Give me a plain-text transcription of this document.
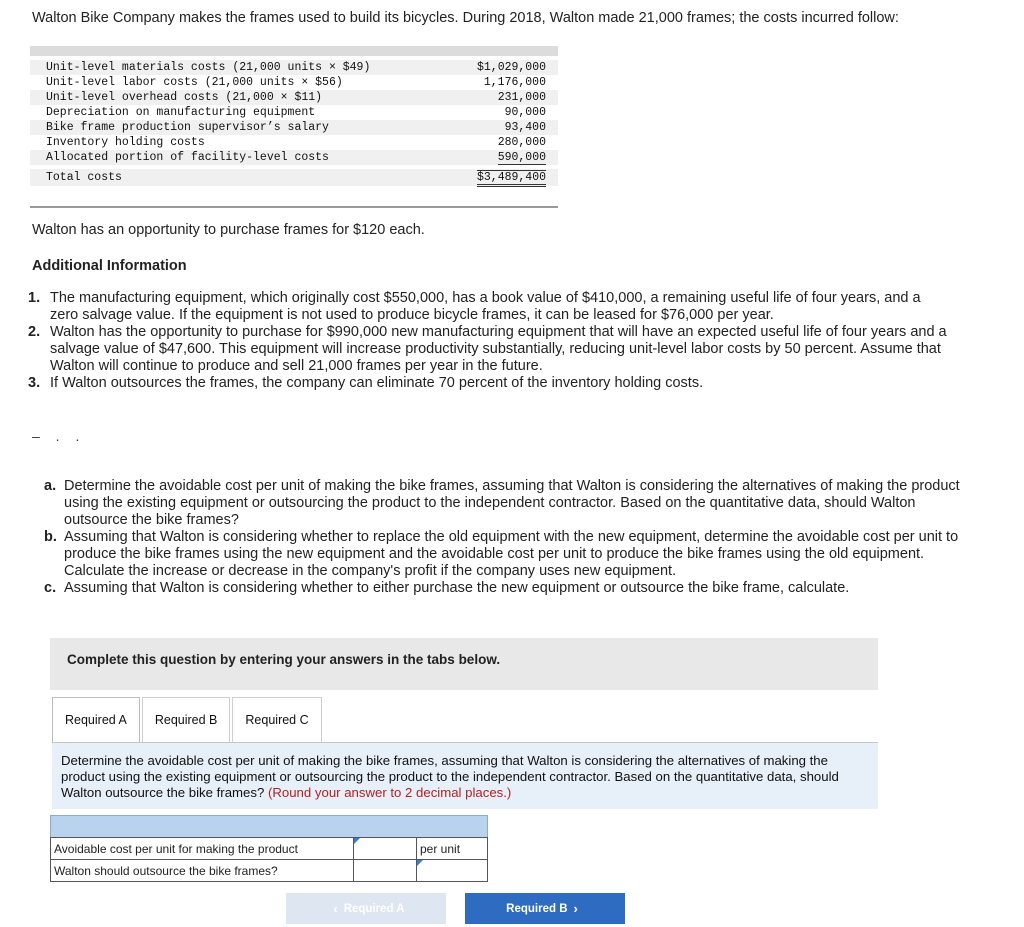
Walton Bike Company makes the frames used to build its bicycles. During 2018, Walton made 21,000 frames; the costs incurred follow:
Unit-level materials costs (21,000 units × $49)	$1,029,000
Unit-level labor costs (21,000 units × $56)	1,176,000
Unit-level overhead costs (21,000 × $11)	231,000
Depreciation on manufacturing equipment	90,000
Bike frame production supervisor’s salary	93,400
Inventory holding costs	280,000
Allocated portion of facility-level costs	590,000
Total costs	$3,489,400
Walton has an opportunity to purchase frames for $120 each.
Additional Information
1. The manufacturing equipment, which originally cost $550,000, has a book value of $410,000, a remaining useful life of four years, and a zero salvage value. If the equipment is not used to produce bicycle frames, it can be leased for $76,000 per year.
2. Walton has the opportunity to purchase for $990,000 new manufacturing equipment that will have an expected useful life of four years and a salvage value of $47,600. This equipment will increase productivity substantially, reducing unit-level labor costs by 50 percent. Assume that Walton will continue to produce and sell 21,000 frames per year in the future.
3. If Walton outsources the frames, the company can eliminate 70 percent of the inventory holding costs.
‒ . .
a. Determine the avoidable cost per unit of making the bike frames, assuming that Walton is considering the alternatives of making the product using the existing equipment or outsourcing the product to the independent contractor. Based on the quantitative data, should Walton outsource the bike frames?
b. Assuming that Walton is considering whether to replace the old equipment with the new equipment, determine the avoidable cost per unit to produce the bike frames using the new equipment and the avoidable cost per unit to produce the bike frames using the old equipment. Calculate the increase or decrease in the company's profit if the company uses new equipment.
c. Assuming that Walton is considering whether to either purchase the new equipment or outsource the bike frame, calculate.
Complete this question by entering your answers in the tabs below.
Required A	Required B	Required C

Determine the avoidable cost per unit of making the bike frames, assuming that Walton is considering the alternatives of making the product using the existing equipment or outsourcing the product to the independent contractor. Based on the quantitative data, should Walton outsource the bike frames? (Round your answer to 2 decimal places.)

Avoidable cost per unit for making the product		per unit
Walton should outsource the bike frames?		
‹ Required A	Required B ›
